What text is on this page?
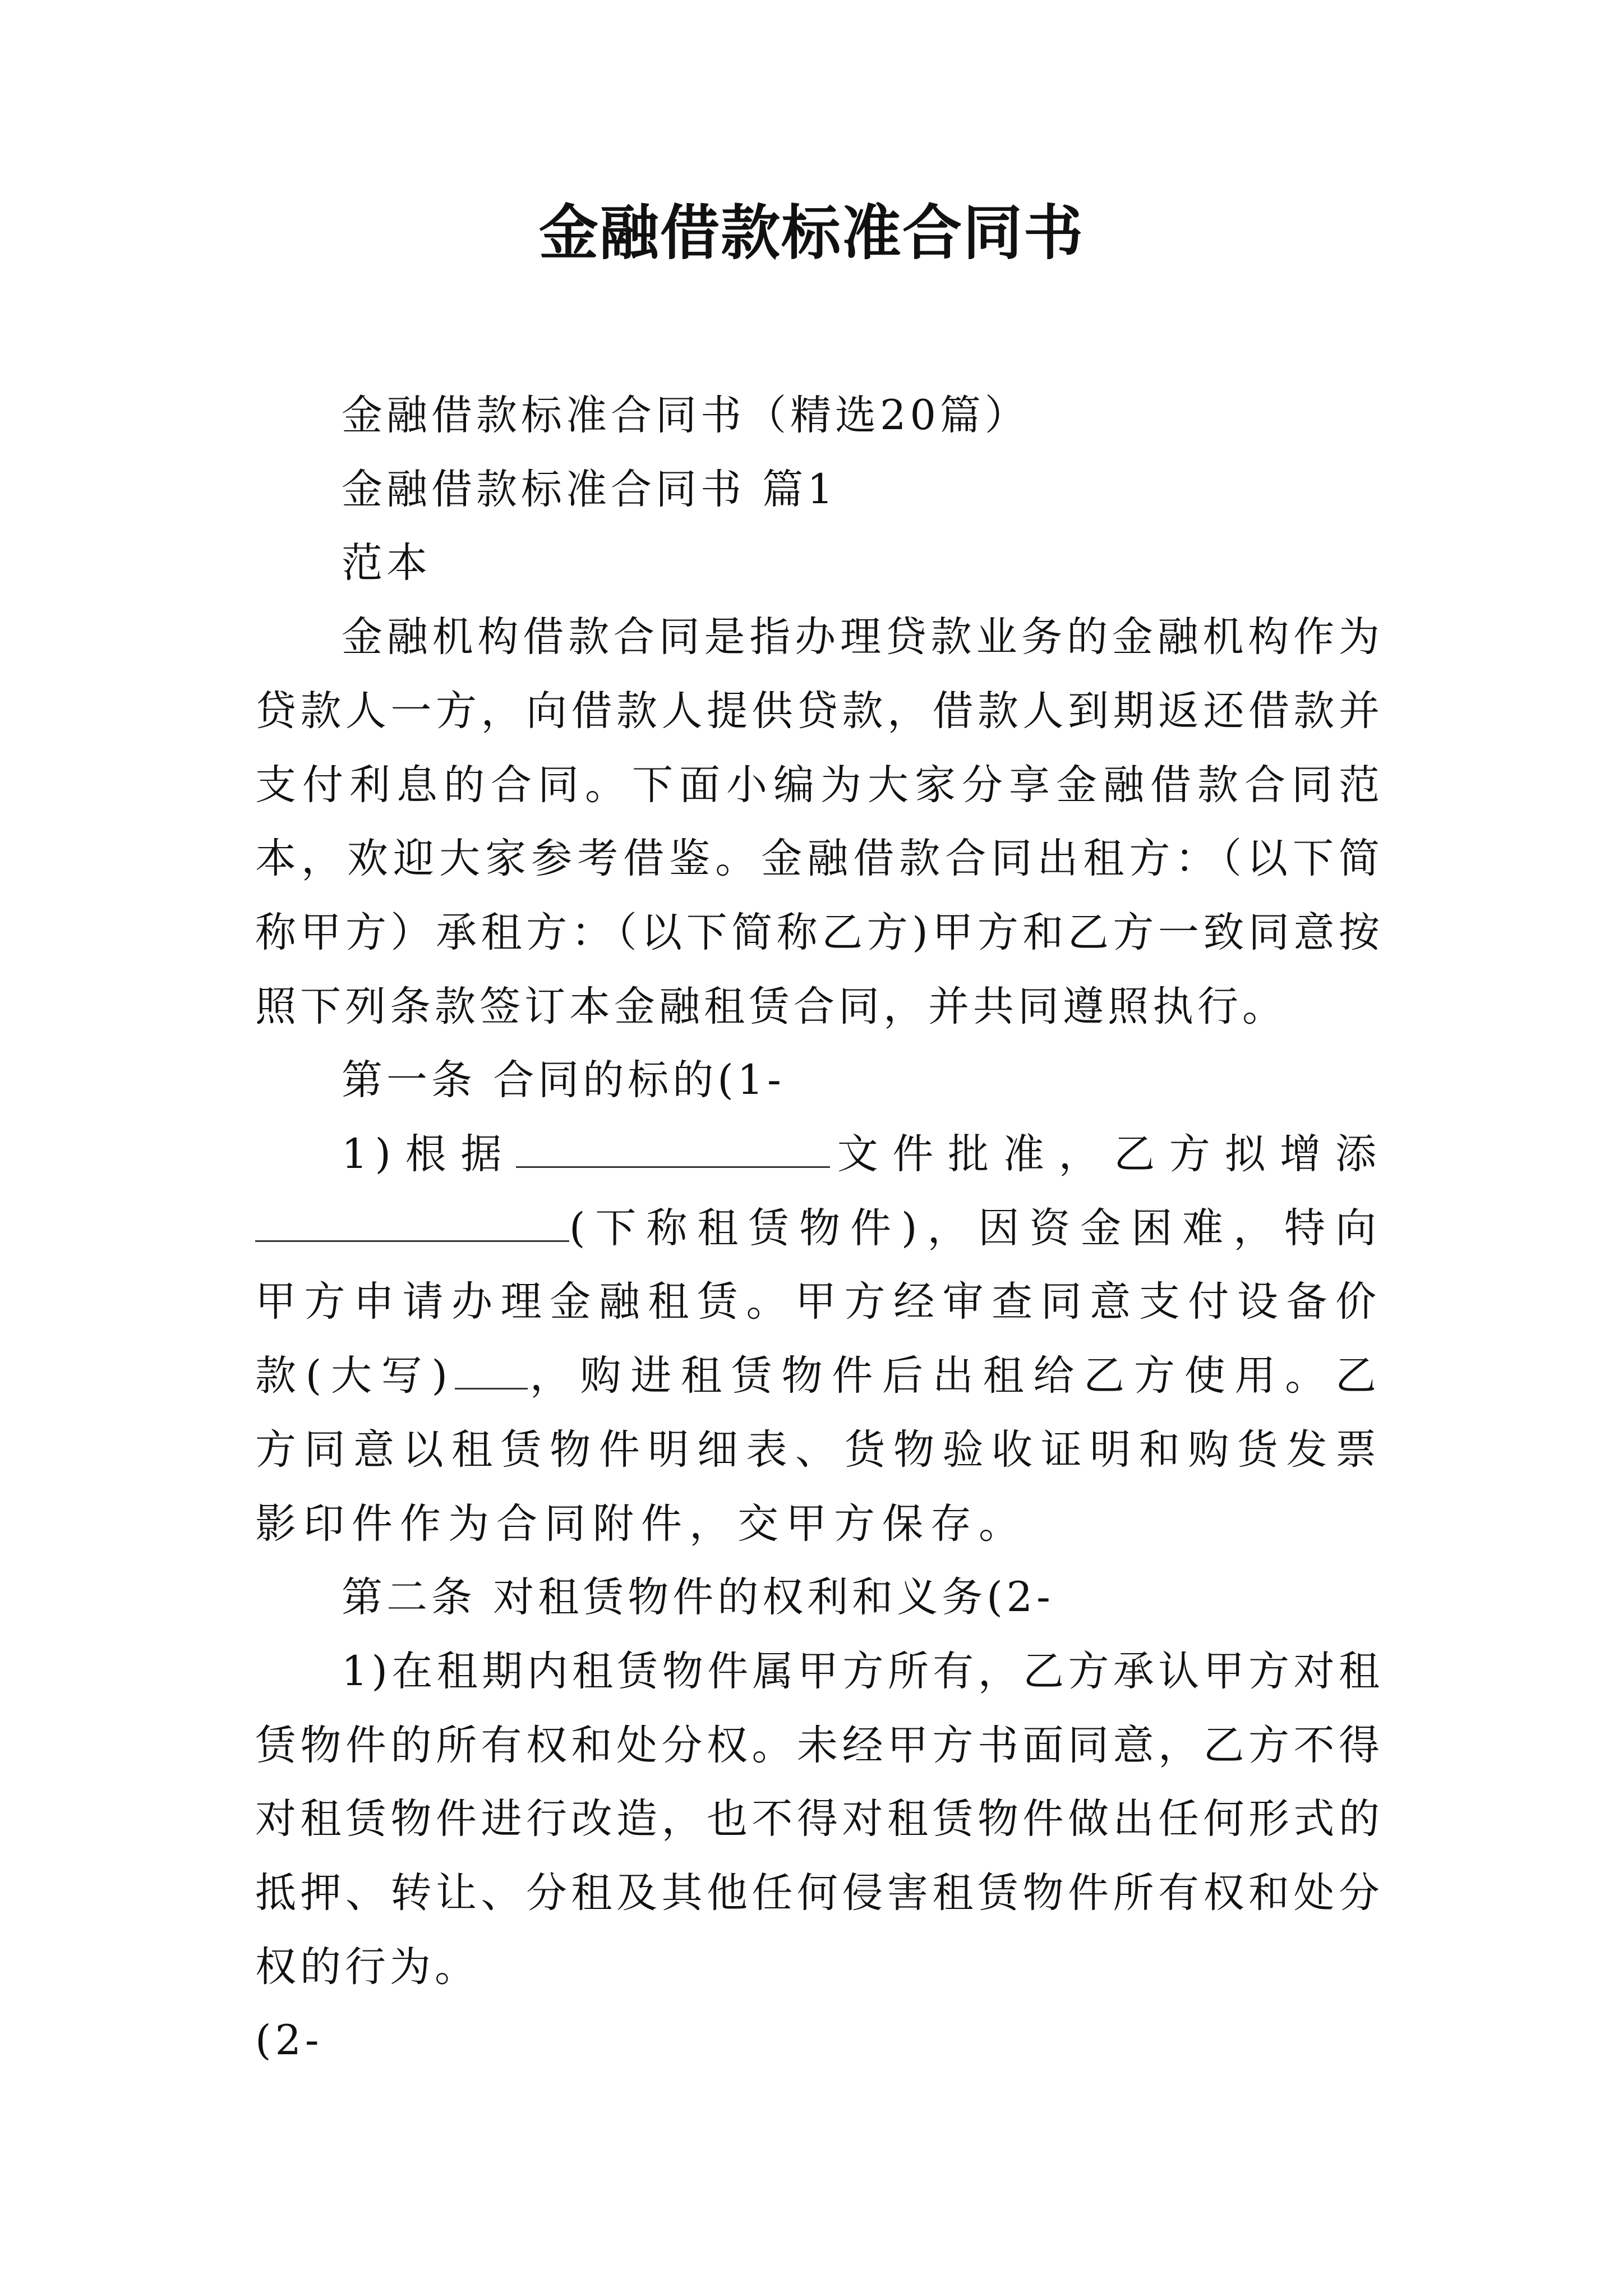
金融借款标准合同书

金融借款标准合同书（精选20篇）

金融借款标准合同书 篇1

范本

金融机构借款合同是指办理贷款业务的金融机构作为贷款人一方，向借款人提供贷款，借款人到期返还借款并支付利息的合同。下面小编为大家分享金融借款合同范本，欢迎大家参考借鉴。金融借款合同出租方：（以下简称甲方）承租方：（以下简称乙方)甲方和乙方一致同意按照下列条款签订本金融租赁合同，并共同遵照执行。

第一条 合同的标的(1-

1)根据	文件批准，乙方拟增添(下称租赁物件)，因资金困难，特向甲方申请办理金融租赁。甲方经审查同意支付设备价款(大写) ，购进租赁物件后出租给乙方使用。乙方同意以租赁物件明细表、货物验收证明和购货发票影印件作为合同附件，交甲方保存。

第二条 对租赁物件的权利和义务(2-

1)在租期内租赁物件属甲方所有，乙方承认甲方对租赁物件的所有权和处分权。未经甲方书面同意，乙方不得对租赁物件进行改造，也不得对租赁物件做出任何形式的抵押、转让、分租及其他任何侵害租赁物件所有权和处分权的行为。

(2-
